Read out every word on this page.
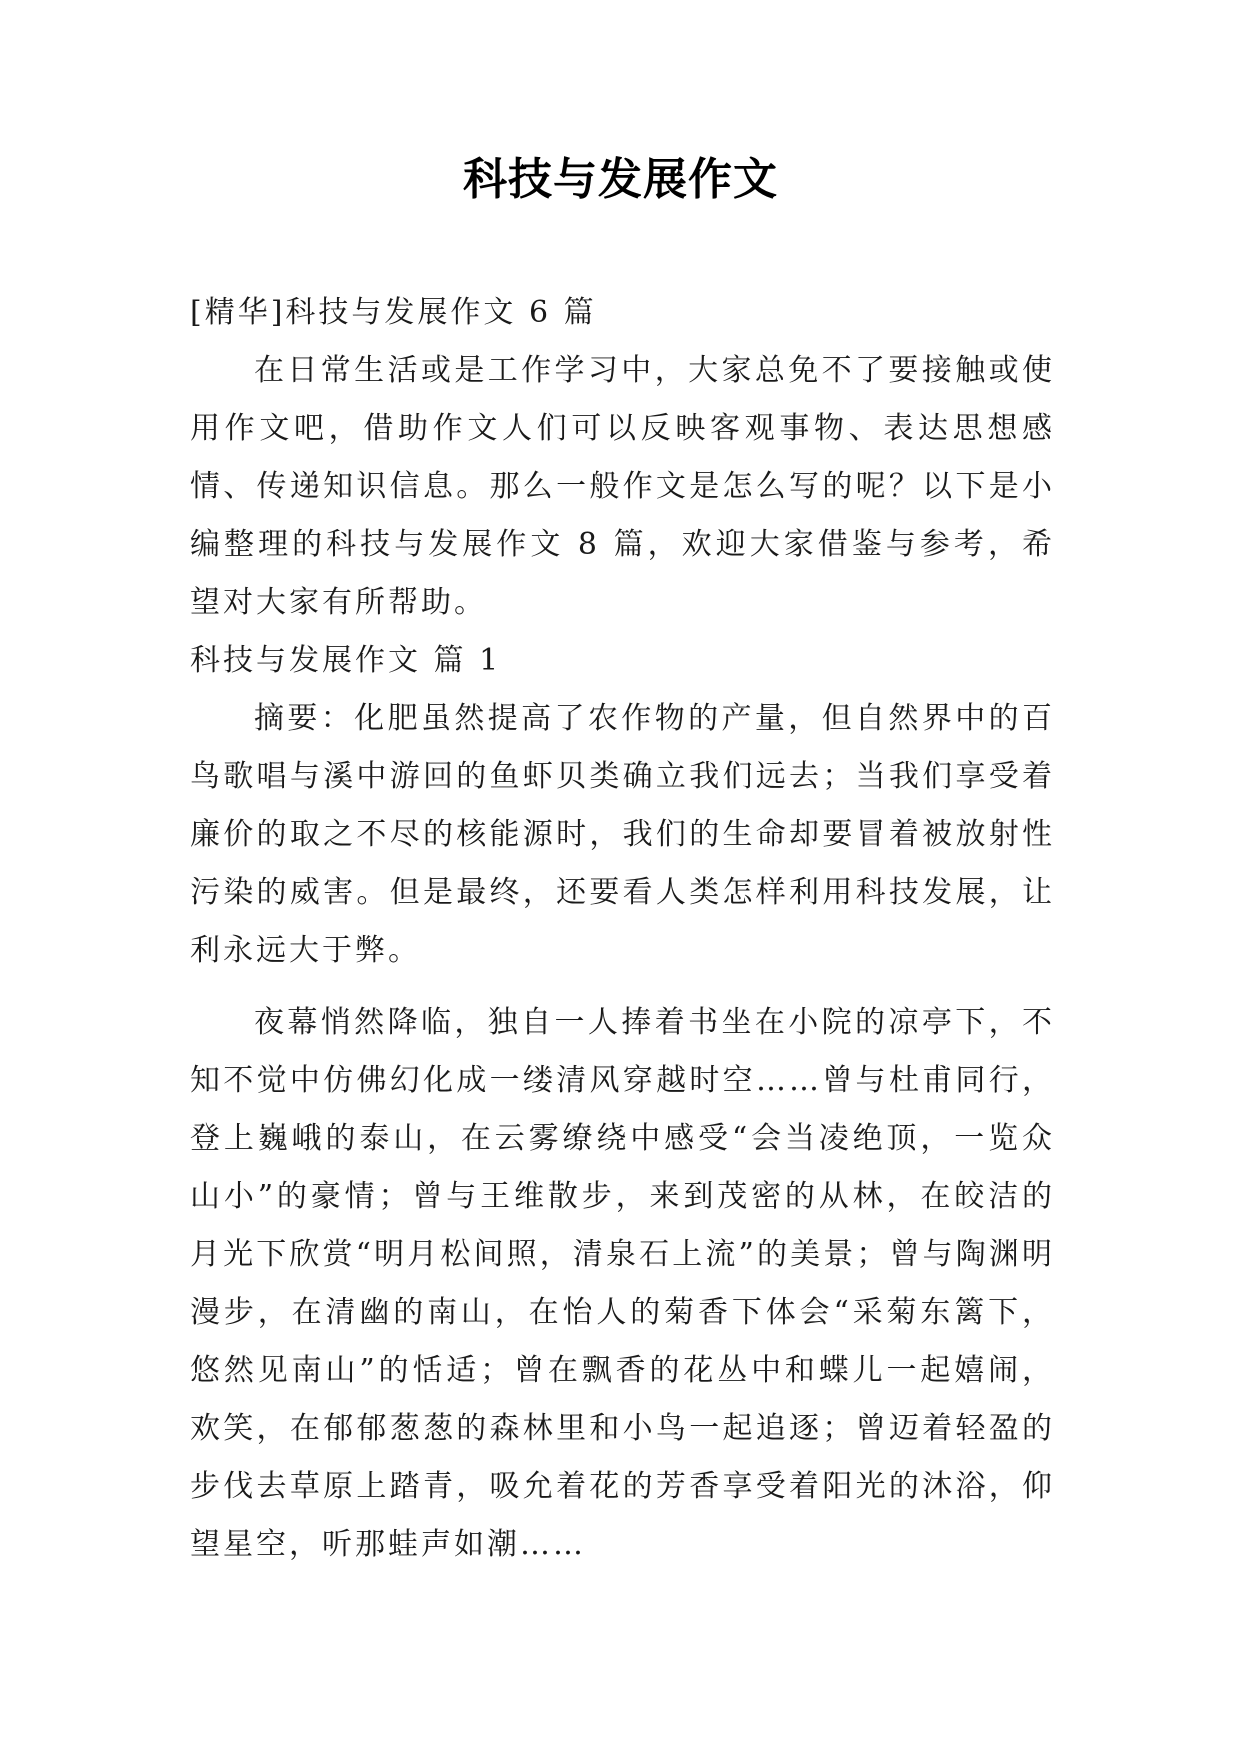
科技与发展作文

[精华]科技与发展作文 6 篇

在日常生活或是工作学习中，大家总免不了要接触或使用作文吧，借助作文人们可以反映客观事物、表达思想感情、传递知识信息。那么一般作文是怎么写的呢？以下是小编整理的科技与发展作文 8 篇，欢迎大家借鉴与参考，希望对大家有所帮助。

科技与发展作文 篇 1

摘要：化肥虽然提高了农作物的产量，但自然界中的百鸟歌唱与溪中游回的鱼虾贝类确立我们远去；当我们享受着廉价的取之不尽的核能源时，我们的生命却要冒着被放射性污染的威害。但是最终，还要看人类怎样利用科技发展，让利永远大于弊。

夜幕悄然降临，独自一人捧着书坐在小院的凉亭下，不知不觉中仿佛幻化成一缕清风穿越时空……曾与杜甫同行，登上巍峨的泰山，在云雾缭绕中感受“会当凌绝顶，一览众山小”的豪情；曾与王维散步，来到茂密的从林，在皎洁的月光下欣赏“明月松间照，清泉石上流”的美景；曾与陶渊明漫步，在清幽的南山，在怡人的菊香下体会“采菊东篱下，悠然见南山”的恬适；曾在飘香的花丛中和蝶儿一起嬉闹，欢笑，在郁郁葱葱的森林里和小鸟一起追逐；曾迈着轻盈的步伐去草原上踏青，吸允着花的芳香享受着阳光的沐浴，仰望星空，听那蛙声如潮……
